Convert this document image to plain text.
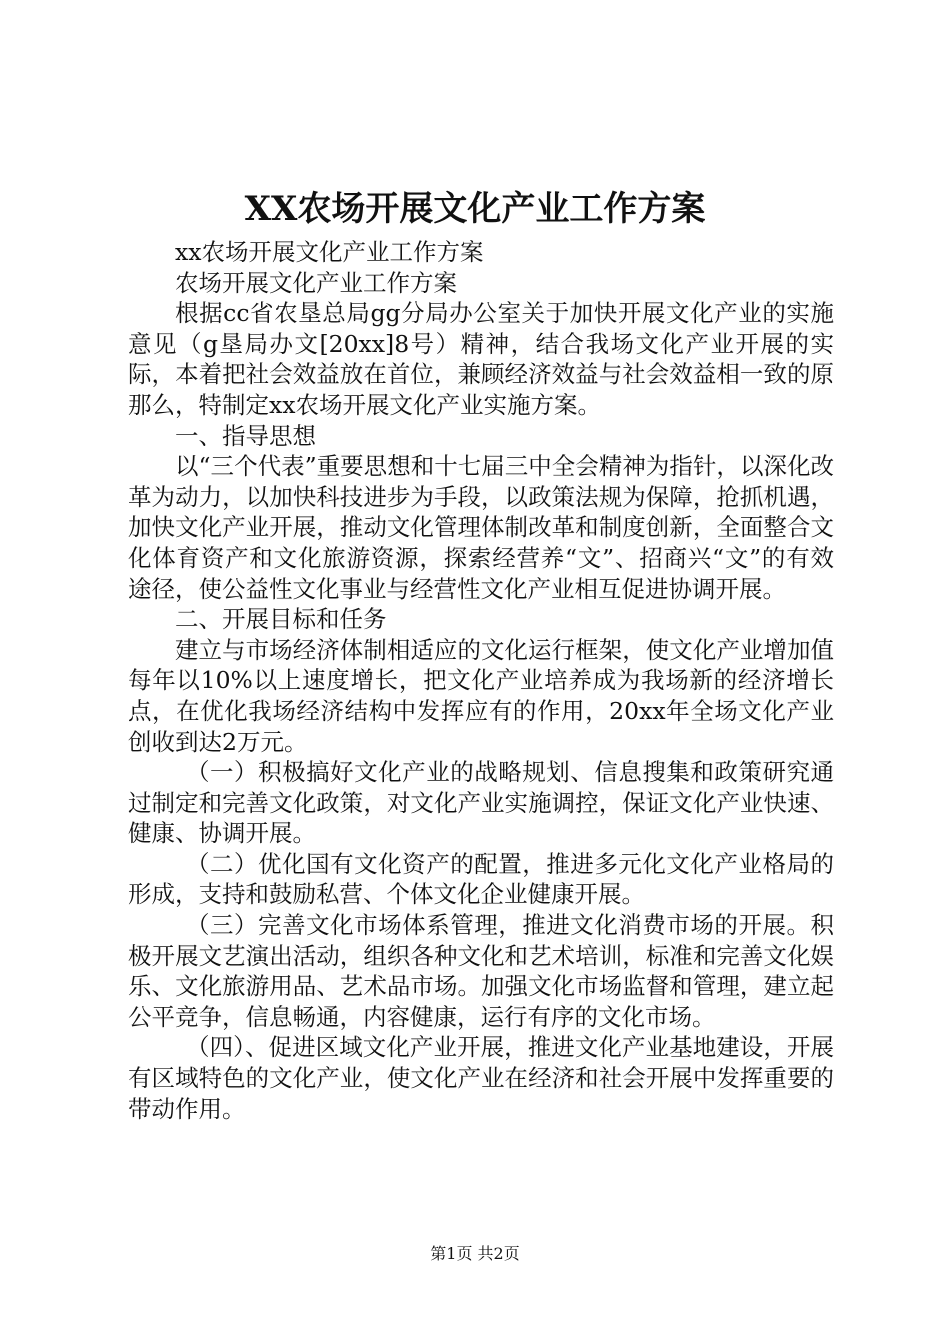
XX农场开展文化产业工作方案

xx农场开展文化产业工作方案

农场开展文化产业工作方案

根据cc省农垦总局gg分局办公室关于加快开展文化产业的实施意见（g垦局办文[20xx]8号）精神，结合我场文化产业开展的实际，本着把社会效益放在首位，兼顾经济效益与社会效益相一致的原那么，特制定xx农场开展文化产业实施方案。

一、指导思想

以“三个代表”重要思想和十七届三中全会精神为指针，以深化改革为动力，以加快科技进步为手段，以政策法规为保障，抢抓机遇，加快文化产业开展，推动文化管理体制改革和制度创新，全面整合文化体育资产和文化旅游资源，探索经营养“文”、招商兴“文”的有效途径，使公益性文化事业与经营性文化产业相互促进协调开展。

二、开展目标和任务

建立与市场经济体制相适应的文化运行框架，使文化产业增加值每年以10%以上速度增长，把文化产业培养成为我场新的经济增长点，在优化我场经济结构中发挥应有的作用，20xx年全场文化产业创收到达2万元。

（一）积极搞好文化产业的战略规划、信息搜集和政策研究通过制定和完善文化政策，对文化产业实施调控，保证文化产业快速、健康、协调开展。

（二）优化国有文化资产的配置，推进多元化文化产业格局的形成，支持和鼓励私营、个体文化企业健康开展。

（三）完善文化市场体系管理，推进文化消费市场的开展。积极开展文艺演出活动，组织各种文化和艺术培训，标准和完善文化娱乐、文化旅游用品、艺术品市场。加强文化市场监督和管理，建立起公平竞争，信息畅通，内容健康，运行有序的文化市场。

（四）、促进区域文化产业开展，推进文化产业基地建设，开展有区域特色的文化产业，使文化产业在经济和社会开展中发挥重要的带动作用。

第1页 共2页
